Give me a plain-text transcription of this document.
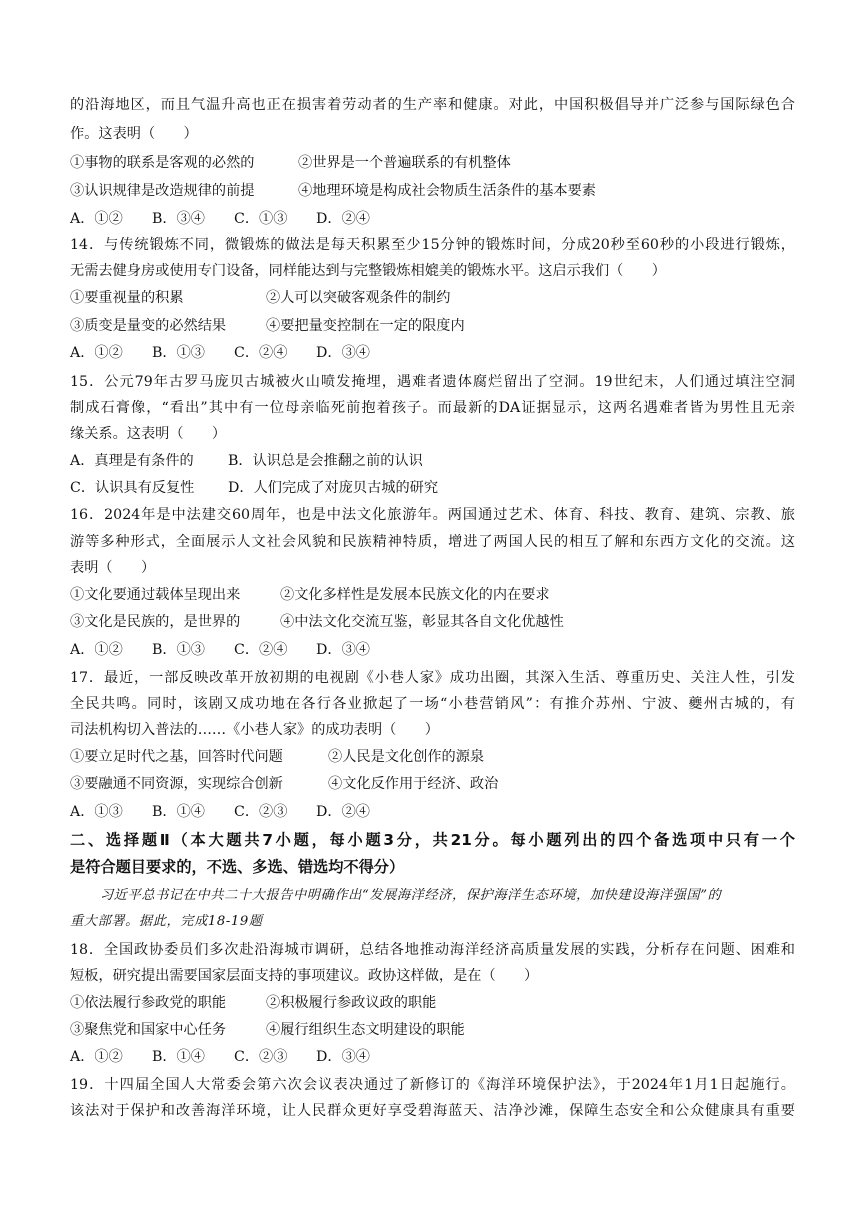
的沿海地区，而且气温升高也正在损害着劳动者的生产率和健康。对此，中国积极倡导并广泛参与国际绿色合
作。这表明（　　）
①事物的联系是客观的必然的	②世界是一个普遍联系的有机整体
③认识规律是改造规律的前提	④地理环境是构成社会物质生活条件的基本要素
A．①② B．③④ C．①③ D．②④
14．与传统锻炼不同，微锻炼的做法是每天积累至少15分钟的锻炼时间，分成20秒至60秒的小段进行锻炼，
无需去健身房或使用专门设备，同样能达到与完整锻炼相媲美的锻炼水平。这启示我们（　　）
①要重视量的积累	②人可以突破客观条件的制约
③质变是量变的必然结果	④要把量变控制在一定的限度内
A．①② B．①③ C．②④ D．③④
15．公元79年古罗马庞贝古城被火山喷发掩埋，遇难者遗体腐烂留出了空洞。19世纪末，人们通过填注空洞
制成石膏像，“看出”其中有一位母亲临死前抱着孩子。而最新的DA证据显示，这两名遇难者皆为男性且无亲
缘关系。这表明（　　）
A．真理是有条件的 B．认识总是会推翻之前的认识
C．认识具有反复性 D．人们完成了对庞贝古城的研究
16．2024年是中法建交60周年，也是中法文化旅游年。两国通过艺术、体育、科技、教育、建筑、宗教、旅
游等多种形式，全面展示人文社会风貌和民族精神特质，增进了两国人民的相互了解和东西方文化的交流。这
表明（　　）
①文化要通过载体呈现出来	②文化多样性是发展本民族文化的内在要求
③文化是民族的，是世界的	④中法文化交流互鉴，彰显其各自文化优越性
A．①② B．①③ C．②④ D．③④
17．最近，一部反映改革开放初期的电视剧《小巷人家》成功出圈，其深入生活、尊重历史、关注人性，引发
全民共鸣。同时，该剧又成功地在各行各业掀起了一场“小巷营销风”：有推介苏州、宁波、夔州古城的，有
司法机构切入普法的……《小巷人家》的成功表明（　　）
①要立足时代之基，回答时代问题	②人民是文化创作的源泉
③要融通不同资源，实现综合创新	④文化反作用于经济、政治
A．①③ B．①④ C．②③ D．②④
二、选择题Ⅱ（本大题共7小题，每小题3分，共21分。每小题列出的四个备选项中只有一个
是符合题目要求的，不选、多选、错选均不得分）
习近平总书记在中共二十大报告中明确作出“发展海洋经济，保护海洋生态环境，加快建设海洋强国”的
重大部署。据此，完成18-19题
18．全国政协委员们多次赴沿海城市调研，总结各地推动海洋经济高质量发展的实践，分析存在问题、困难和
短板，研究提出需要国家层面支持的事项建议。政协这样做，是在（　　）
①依法履行参政党的职能	②积极履行参政议政的职能
③聚焦党和国家中心任务	④履行组织生态文明建设的职能
A．①② B．①④ C．②③ D．③④
19．十四届全国人大常委会第六次会议表决通过了新修订的《海洋环境保护法》，于2024年1月1日起施行。
该法对于保护和改善海洋环境，让人民群众更好享受碧海蓝天、洁净沙滩，保障生态安全和公众健康具有重要
